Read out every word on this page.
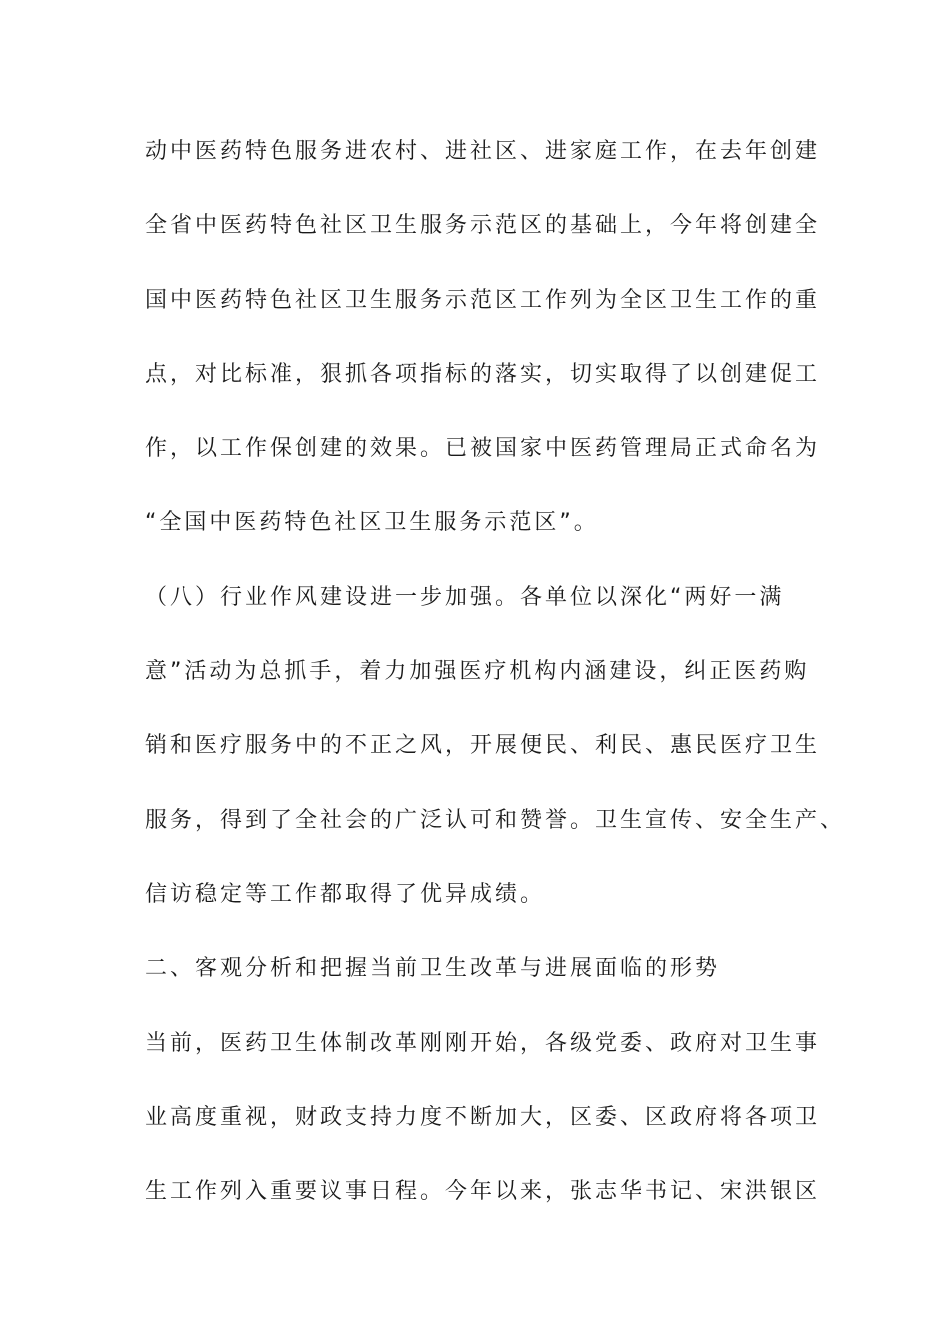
动中医药特色服务进农村、进社区、进家庭工作，在去年创建
全省中医药特色社区卫生服务示范区的基础上，今年将创建全
国中医药特色社区卫生服务示范区工作列为全区卫生工作的重
点，对比标准，狠抓各项指标的落实，切实取得了以创建促工
作，以工作保创建的效果。已被国家中医药管理局正式命名为
“全国中医药特色社区卫生服务示范区”。
（八）行业作风建设进一步加强。各单位以深化“两好一满
意”活动为总抓手，着力加强医疗机构内涵建设，纠正医药购
销和医疗服务中的不正之风，开展便民、利民、惠民医疗卫生
服务，得到了全社会的广泛认可和赞誉。卫生宣传、安全生产、
信访稳定等工作都取得了优异成绩。
二、客观分析和把握当前卫生改革与进展面临的形势
当前，医药卫生体制改革刚刚开始，各级党委、政府对卫生事
业高度重视，财政支持力度不断加大，区委、区政府将各项卫
生工作列入重要议事日程。今年以来，张志华书记、宋洪银区
